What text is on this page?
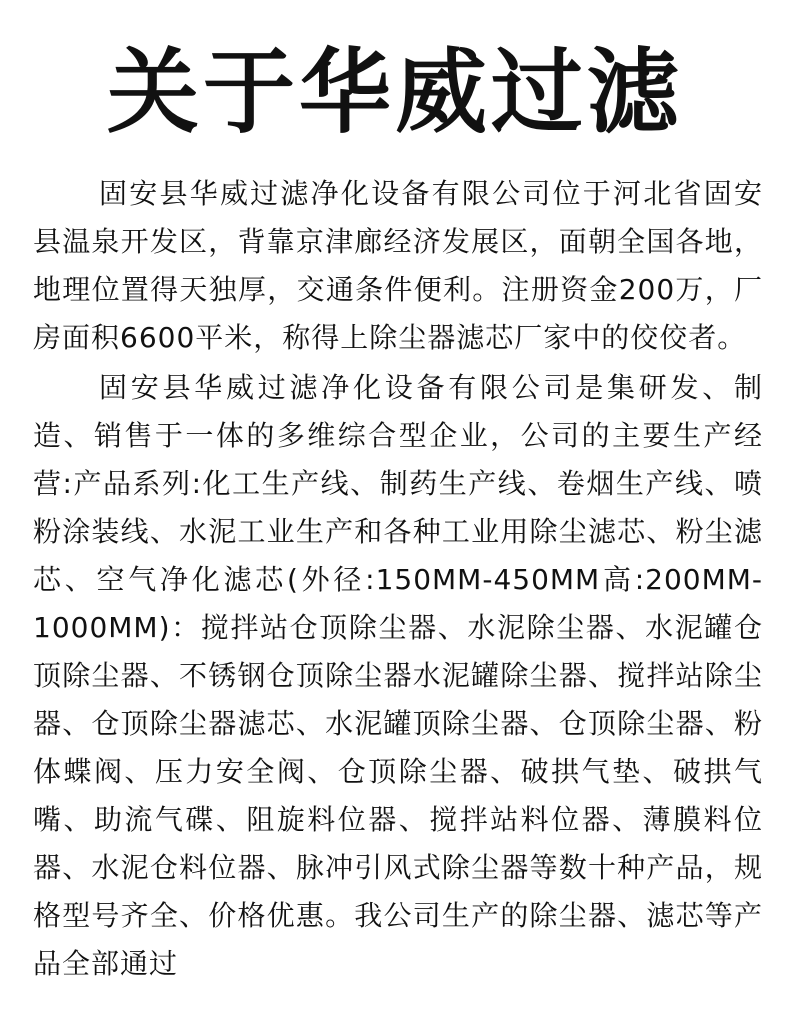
关于华威过滤

固安县华威过滤净化设备有限公司位于河北省固安县温泉开发区，背靠京津廊经济发展区，面朝全国各地，地理位置得天独厚，交通条件便利。注册资金200万，厂房面积6600平米，称得上除尘器滤芯厂家中的佼佼者。

固安县华威过滤净化设备有限公司是集研发、制造、销售于一体的多维综合型企业，公司的主要生产经营:产品系列:化工生产线、制药生产线、卷烟生产线、喷粉涂装线、水泥工业生产和各种工业用除尘滤芯、粉尘滤芯、空气净化滤芯(外径:150MM-450MM高:200MM-1000MM)：搅拌站仓顶除尘器、水泥除尘器、水泥罐仓顶除尘器、不锈钢仓顶除尘器水泥罐除尘器、搅拌站除尘器、仓顶除尘器滤芯、水泥罐顶除尘器、仓顶除尘器、粉体蝶阀、压力安全阀、仓顶除尘器、破拱气垫、破拱气嘴、助流气碟、阻旋料位器、搅拌站料位器、薄膜料位器、水泥仓料位器、脉冲引风式除尘器等数十种产品，规格型号齐全、价格优惠。我公司生产的除尘器、滤芯等产品全部通过
